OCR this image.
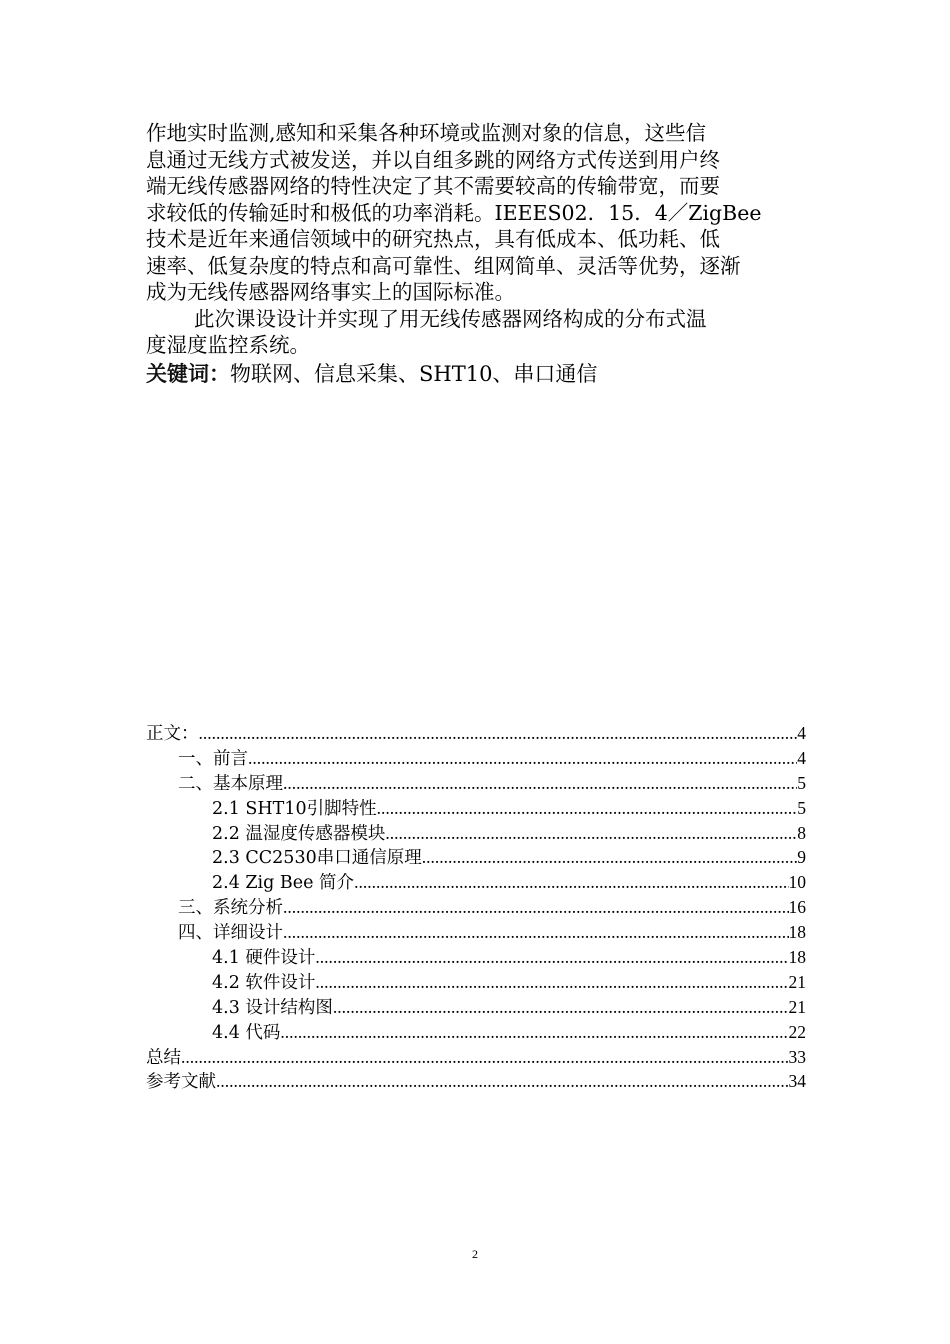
作地实时监测,感知和采集各种环境或监测对象的信息，这些信
息通过无线方式被发送，并以自组多跳的网络方式传送到用户终
端无线传感器网络的特性决定了其不需要较高的传输带宽，而要
求较低的传输延时和极低的功率消耗。IEEES02．15．4／ZigBee
技术是近年来通信领域中的研究热点，具有低成本、低功耗、低
速率、低复杂度的特点和高可靠性、组网简单、灵活等优势，逐渐
成为无线传感器网络事实上的国际标准。
此次课设设计并实现了用无线传感器网络构成的分布式温
度湿度监控系统。
关键词：物联网、信息采集、SHT10、串口通信
正文： .....	4
一、前言 .....	4
二、基本原理 .....	5
2.1 SHT10引脚特性 .....	5
2.2 温湿度传感器模块 .....	8
2.3 CC2530串口通信原理 .....	9
2.4 Zig Bee 简介 .....	10
三、系统分析 .....	16
四、详细设计 .....	18
4.1 硬件设计 .....	18
4.2 软件设计 .....	21
4.3 设计结构图 .....	21
4.4 代码 .....	22
总结 .....	33
参考文献 .....	34
2
